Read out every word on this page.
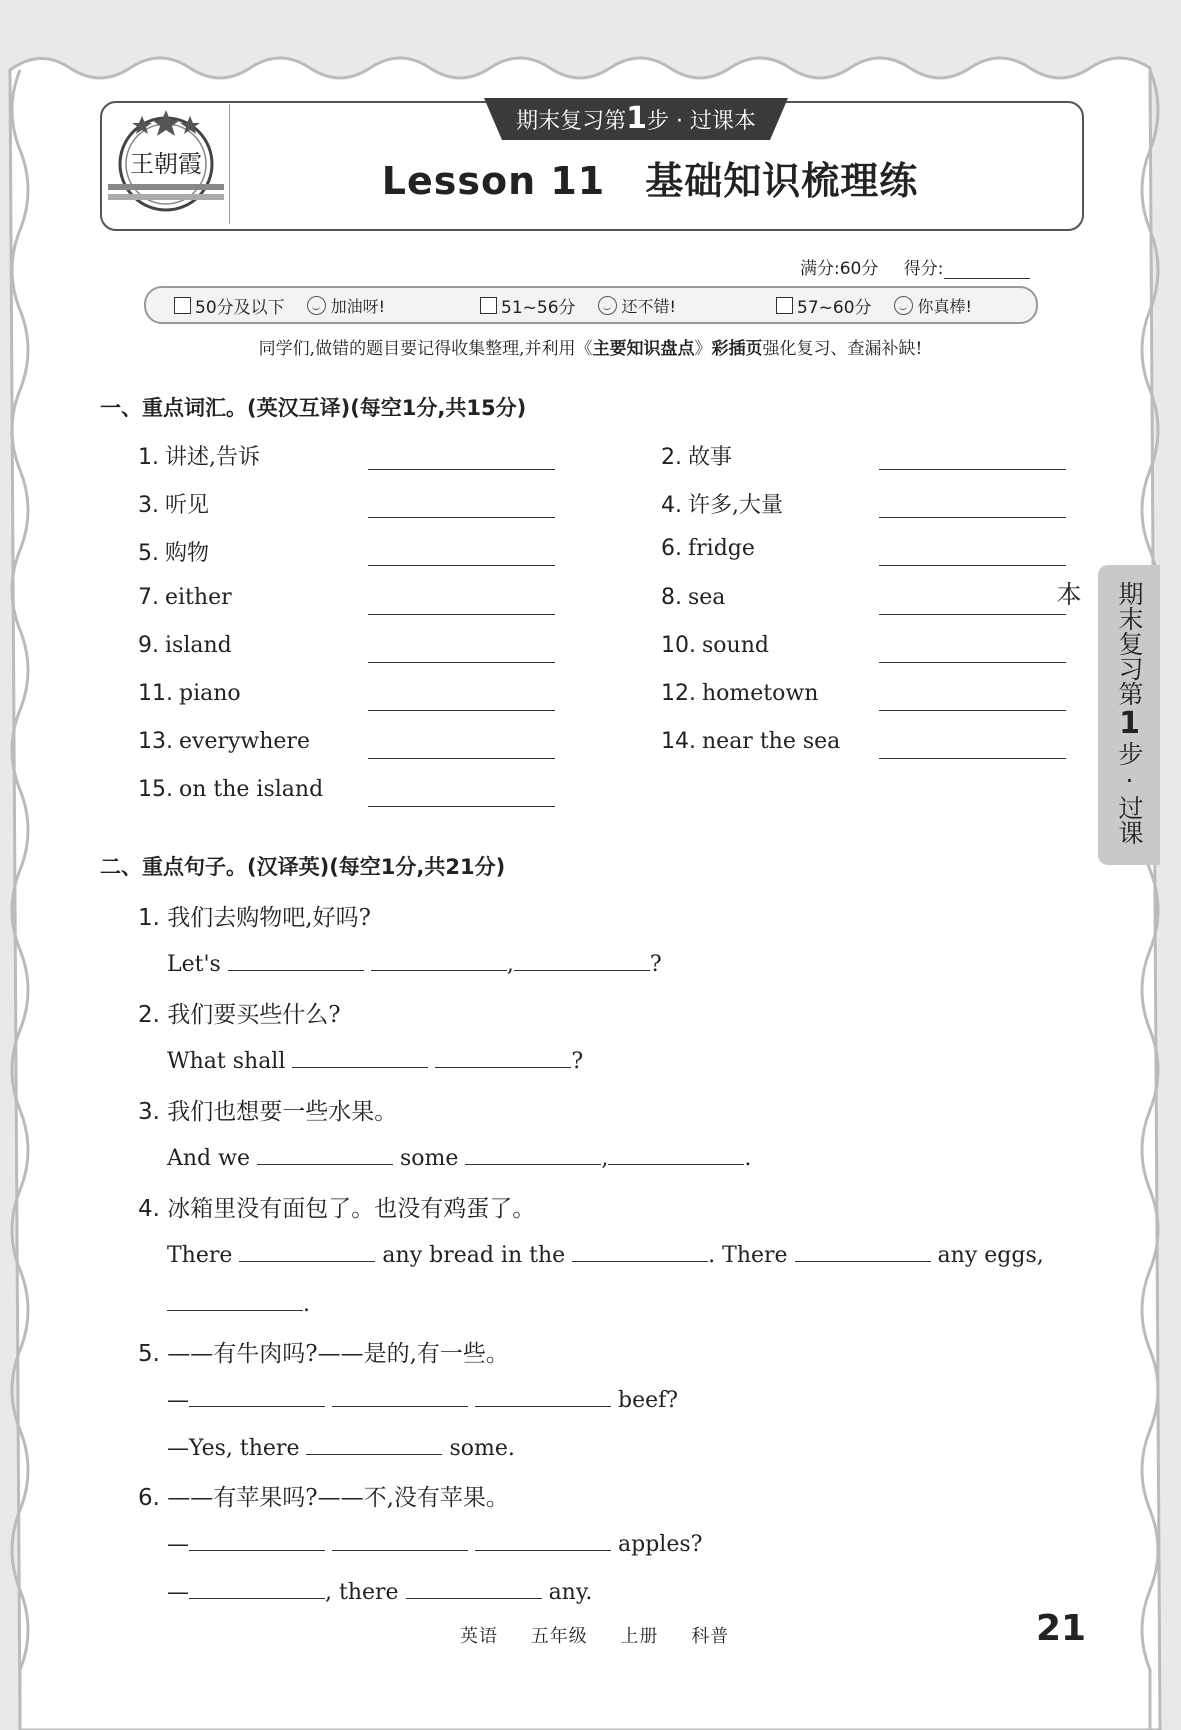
王朝霞
期末复习第1步 · 过课本
Lesson 11 基础知识梳理练
满分:60分 得分:
50分及以下	加油呀!	51~56分	还不错!	57~60分	你真棒!
同学们,做错的题目要记得收集整理,并利用《主要知识盘点》彩插页强化复习、查漏补缺!
一、重点词汇。(英汉互译)(每空1分,共15分)
1. 讲述,告诉	2. 故事
3. 听见	4. 许多,大量
5. 购物	6. fridge
7. either	8. sea
9. island	10. sound
11. piano	12. hometown
13. everywhere	14. near the sea
15. on the island
二、重点句子。(汉译英)(每空1分,共21分)
1. 我们去购物吧,好吗?
Let's	,	?
2. 我们要买些什么?
What shall	?
3. 我们也想要一些水果。
And we	some	,	.
4. 冰箱里没有面包了。也没有鸡蛋了。
There	any bread in the	. There	any eggs,
.
5. ——有牛肉吗?——是的,有一些。
—	beef?
—Yes, there	some.
6. ——有苹果吗?——不,没有苹果。
—	apples?
—	, there	any.
期末复习第1步·过课本
英语 五年级 上册 科普	21
